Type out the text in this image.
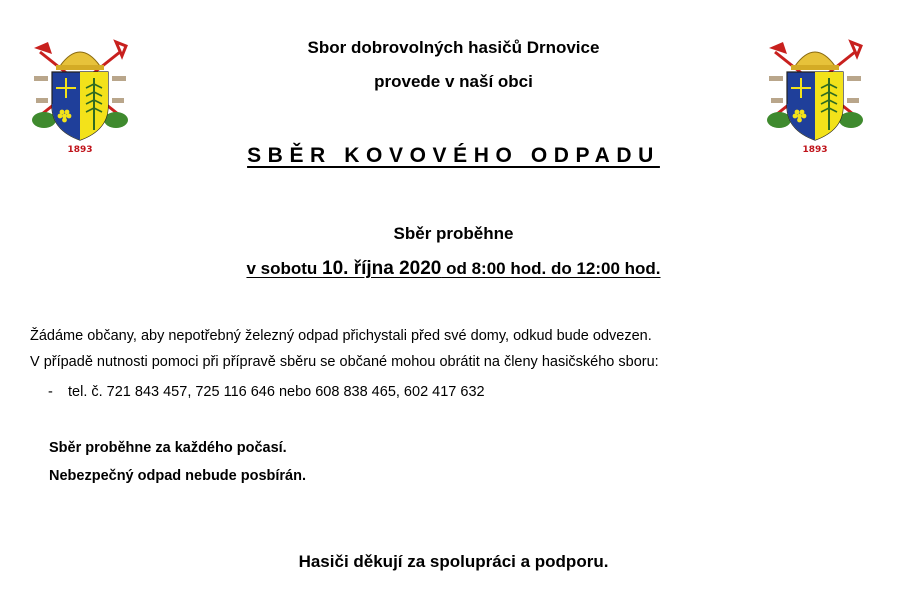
1893	1893
Sbor dobrovolných hasičů Drnovice
provede v naší obci
SBĚR KOVOVÉHO ODPADU
Sběr proběhne
v sobotu 10. října 2020 od 8:00 hod. do 12:00 hod.
Žádáme občany, aby nepotřebný železný odpad přichystali před své domy, odkud bude odvezen.
V případě nutnosti pomoci při přípravě sběru se občané mohou obrátit na členy hasičského sboru:
- tel. č. 721 843 457, 725 116 646 nebo 608 838 465, 602 417 632
Sběr proběhne za každého počasí.
Nebezpečný odpad nebude posbírán.
Hasiči děkují za spolupráci a podporu.
